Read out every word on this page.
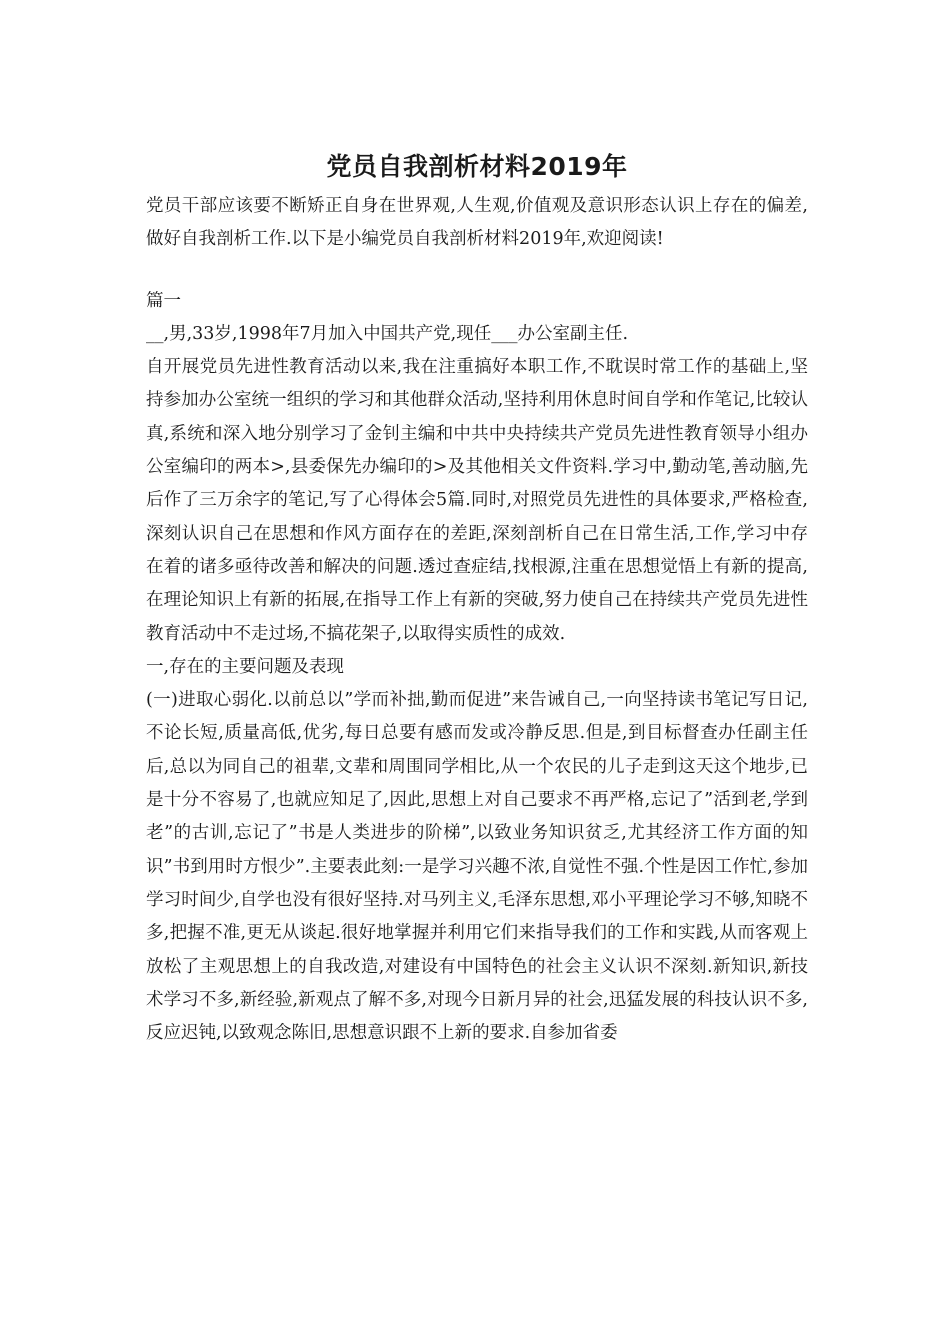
党员自我剖析材料2019年

党员干部应该要不断矫正自身在世界观,人生观,价值观及意识形态认识上存在的偏差,做好自我剖析工作.以下是小编党员自我剖析材料2019年,欢迎阅读!

篇一

__,男,33岁,1998年7月加入中国共产党,现任___办公室副主任.

自开展党员先进性教育活动以来,我在注重搞好本职工作,不耽误时常工作的基础上,坚持参加办公室统一组织的学习和其他群众活动,坚持利用休息时间自学和作笔记,比较认真,系统和深入地分别学习了金钊主编和中共中央持续共产党员先进性教育领导小组办公室编印的两本>,县委保先办编印的>及其他相关文件资料.学习中,勤动笔,善动脑,先后作了三万余字的笔记,写了心得体会5篇.同时,对照党员先进性的具体要求,严格检查,深刻认识自己在思想和作风方面存在的差距,深刻剖析自己在日常生活,工作,学习中存在着的诸多亟待改善和解决的问题.透过查症结,找根源,注重在思想觉悟上有新的提高,在理论知识上有新的拓展,在指导工作上有新的突破,努力使自己在持续共产党员先进性教育活动中不走过场,不搞花架子,以取得实质性的成效.

一,存在的主要问题及表现

(一)进取心弱化.以前总以”学而补拙,勤而促进”来告诫自己,一向坚持读书笔记写日记,不论长短,质量高低,优劣,每日总要有感而发或冷静反思.但是,到目标督查办任副主任后,总以为同自己的祖辈,文辈和周围同学相比,从一个农民的儿子走到这天这个地步,已是十分不容易了,也就应知足了,因此,思想上对自己要求不再严格,忘记了”活到老,学到老”的古训,忘记了”书是人类进步的阶梯”,以致业务知识贫乏,尤其经济工作方面的知识”书到用时方恨少”.主要表此刻:一是学习兴趣不浓,自觉性不强.个性是因工作忙,参加学习时间少,自学也没有很好坚持.对马列主义,毛泽东思想,邓小平理论学习不够,知晓不多,把握不准,更无从谈起.很好地掌握并利用它们来指导我们的工作和实践,从而客观上放松了主观思想上的自我改造,对建设有中国特色的社会主义认识不深刻.新知识,新技术学习不多,新经验,新观点了解不多,对现今日新月异的社会,迅猛发展的科技认识不多,反应迟钝,以致观念陈旧,思想意识跟不上新的要求.自参加省委
